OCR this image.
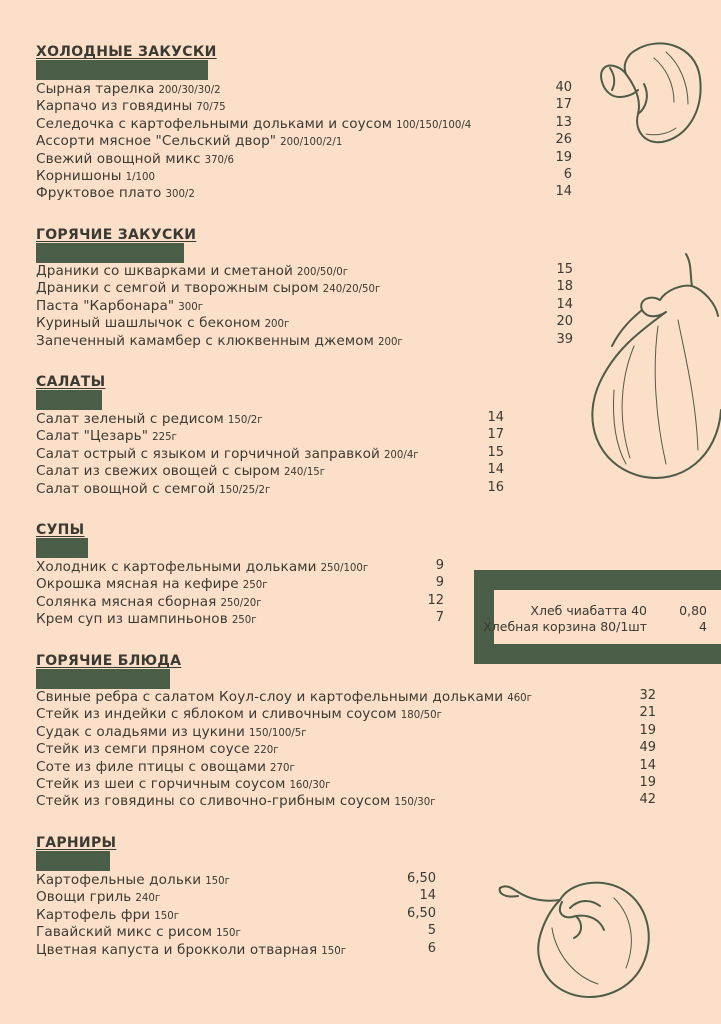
ХОЛОДНЫЕ ЗАКУСКИ
Сырная тарелка 200/30/30/2	40
Карпачо из говядины 70/75	17
Селедочка с картофельными дольками и соусом 100/150/100/4	13
Ассорти мясное "Сельский двор" 200/100/2/1	26
Свежий овощной микс 370/6	19
Корнишоны 1/100	6
Фруктовое плато 300/2	14
ГОРЯЧИЕ ЗАКУСКИ
Драники со шкварками и сметаной 200/50/0г	15
Драники с семгой и творожным сыром 240/20/50г	18
Паста "Карбонара" 300г	14
Куриный шашлычок с беконом 200г	20
Запеченный камамбер с клюквенным джемом 200г	39
САЛАТЫ
Салат зеленый с редисом 150/2г	14
Салат "Цезарь" 225г	17
Салат острый с языком и горчичной заправкой 200/4г	15
Салат из свежих овощей с сыром 240/15г	14
Салат овощной с семгой 150/25/2г	16
СУПЫ
Холодник с картофельными дольками 250/100г	9
Окрошка мясная на кефире 250г	9
Солянка мясная сборная 250/20г	12
Крем суп из шампиньонов 250г	7
ГОРЯЧИЕ БЛЮДА
Свиные ребра с салатом Коул-слоу и картофельными дольками 460г	32
Стейк из индейки с яблоком и сливочным соусом 180/50г	21
Судак с оладьями из цукини 150/100/5г	19
Стейк из семги пряном соусе 220г	49
Соте из филе птицы с овощами 270г	14
Стейк из шеи с горчичным соусом 160/30г	19
Стейк из говядины со сливочно-грибным соусом 150/30г	42
ГАРНИРЫ
Картофельные дольки 150г	6,50
Овощи гриль 240г	14
Картофель фри 150г	6,50
Гавайский микс с рисом 150г	5
Цветная капуста и брокколи отварная 150г	6
Хлеб чиабатта 40	0,80
Хлебная корзина 80/1шт	4
